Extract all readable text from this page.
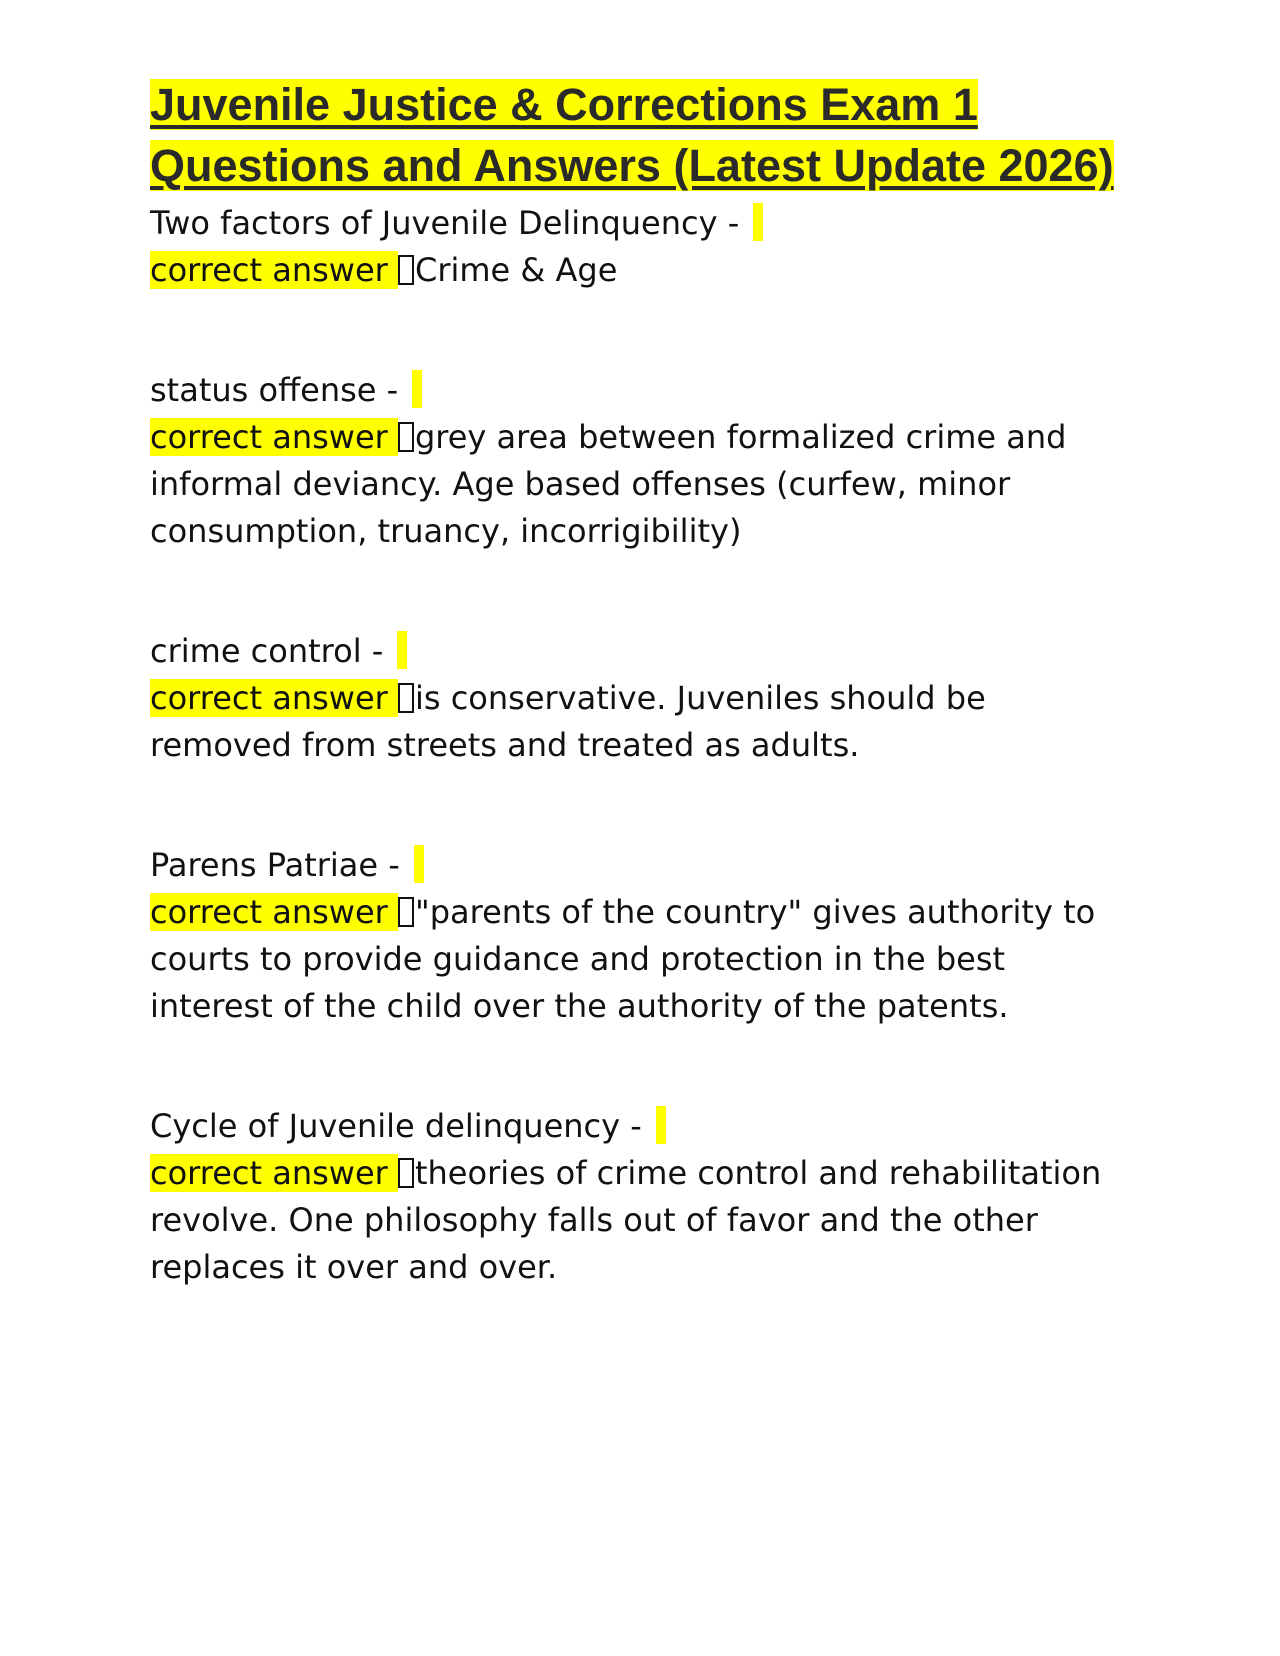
Juvenile Justice & Corrections Exam 1 Questions and Answers (Latest Update 2026)
Two factors of Juvenile Delinquency -
correct answer Crime & Age
status offense -
correct answer grey area between formalized crime and informal deviancy. Age based offenses (curfew, minor consumption, truancy, incorrigibility)
crime control -
correct answer is conservative. Juveniles should be removed from streets and treated as adults.
Parens Patriae -
correct answer "parents of the country" gives authority to courts to provide guidance and protection in the best interest of the child over the authority of the patents.
Cycle of Juvenile delinquency -
correct answer theories of crime control and rehabilitation revolve. One philosophy falls out of favor and the other replaces it over and over.
